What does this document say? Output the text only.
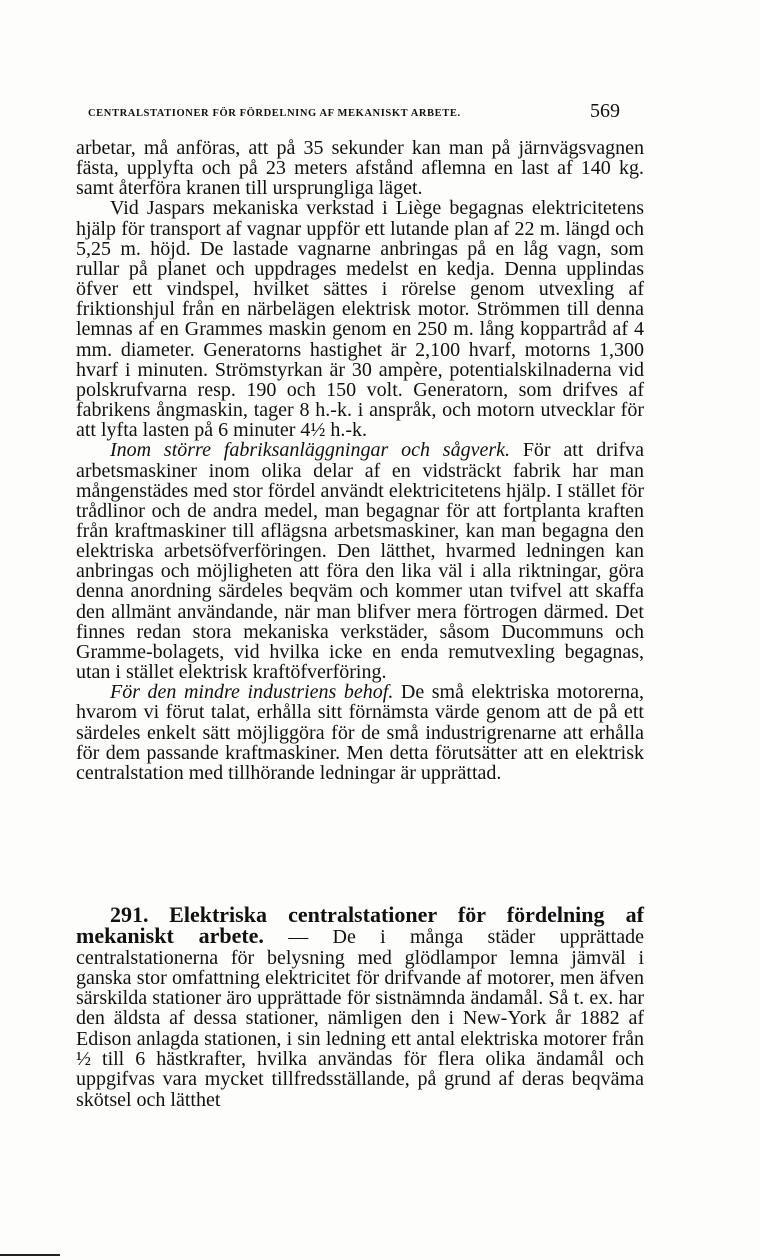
CENTRALSTATIONER FÖR FÖRDELNING AF MEKANISKT ARBETE.	569

arbetar, må anföras, att på 35 sekunder kan man på järnvägsvagnen fästa, upplyfta och på 23 meters afstånd aflemna en last af 140 kg. samt återföra kranen till ursprungliga läget.

Vid Jaspars mekaniska verkstad i Liège begagnas elektricitetens hjälp för transport af vagnar uppför ett lutande plan af 22 m. längd och 5,25 m. höjd. De lastade vagnarne anbringas på en låg vagn, som rullar på planet och uppdrages medelst en kedja. Denna upplindas öfver ett vindspel, hvilket sättes i rörelse genom utvexling af friktionshjul från en närbelägen elektrisk motor. Strömmen till denna lemnas af en Grammes maskin genom en 250 m. lång koppartråd af 4 mm. diameter. Generatorns hastighet är 2,100 hvarf, motorns 1,300 hvarf i minuten. Strömstyrkan är 30 ampère, potentialskilnaderna vid polskrufvarna resp. 190 och 150 volt. Generatorn, som drifves af fabrikens ångmaskin, tager 8 h.-k. i anspråk, och motorn utvecklar för att lyfta lasten på 6 minuter 4½ h.-k.

Inom större fabriksanläggningar och sågverk. För att drifva arbetsmaskiner inom olika delar af en vidsträckt fabrik har man mångenstädes med stor fördel användt elektricitetens hjälp. I stället för trådlinor och de andra medel, man begagnar för att fortplanta kraften från kraftmaskiner till aflägsna arbetsmaskiner, kan man begagna den elektriska arbetsöfverföringen. Den lätthet, hvarmed ledningen kan anbringas och möjligheten att föra den lika väl i alla riktningar, göra denna anordning särdeles beqväm och kommer utan tvifvel att skaffa den allmänt användande, när man blifver mera förtrogen därmed. Det finnes redan stora mekaniska verkstäder, såsom Ducommuns och Gramme-bolagets, vid hvilka icke en enda remutvexling begagnas, utan i stället elektrisk kraftöfverföring.

För den mindre industriens behof. De små elektriska motorerna, hvarom vi förut talat, erhålla sitt förnämsta värde genom att de på ett särdeles enkelt sätt möjliggöra för de små industrigrenarne att erhålla för dem passande kraftmaskiner. Men detta förutsätter att en elektrisk centralstation med tillhörande ledningar är upprättad.

291. Elektriska centralstationer för fördelning af mekaniskt arbete. — De i många städer upprättade centralstationerna för belysning med glödlampor lemna jämväl i ganska stor omfattning elektricitet för drifvande af motorer, men äfven särskilda stationer äro upprättade för sistnämnda ändamål. Så t. ex. har den äldsta af dessa stationer, nämligen den i New-York år 1882 af Edison anlagda stationen, i sin ledning ett antal elektriska motorer från ½ till 6 hästkrafter, hvilka användas för flera olika ändamål och uppgifvas vara mycket tillfredsställande, på grund af deras beqväma skötsel och lätthet
